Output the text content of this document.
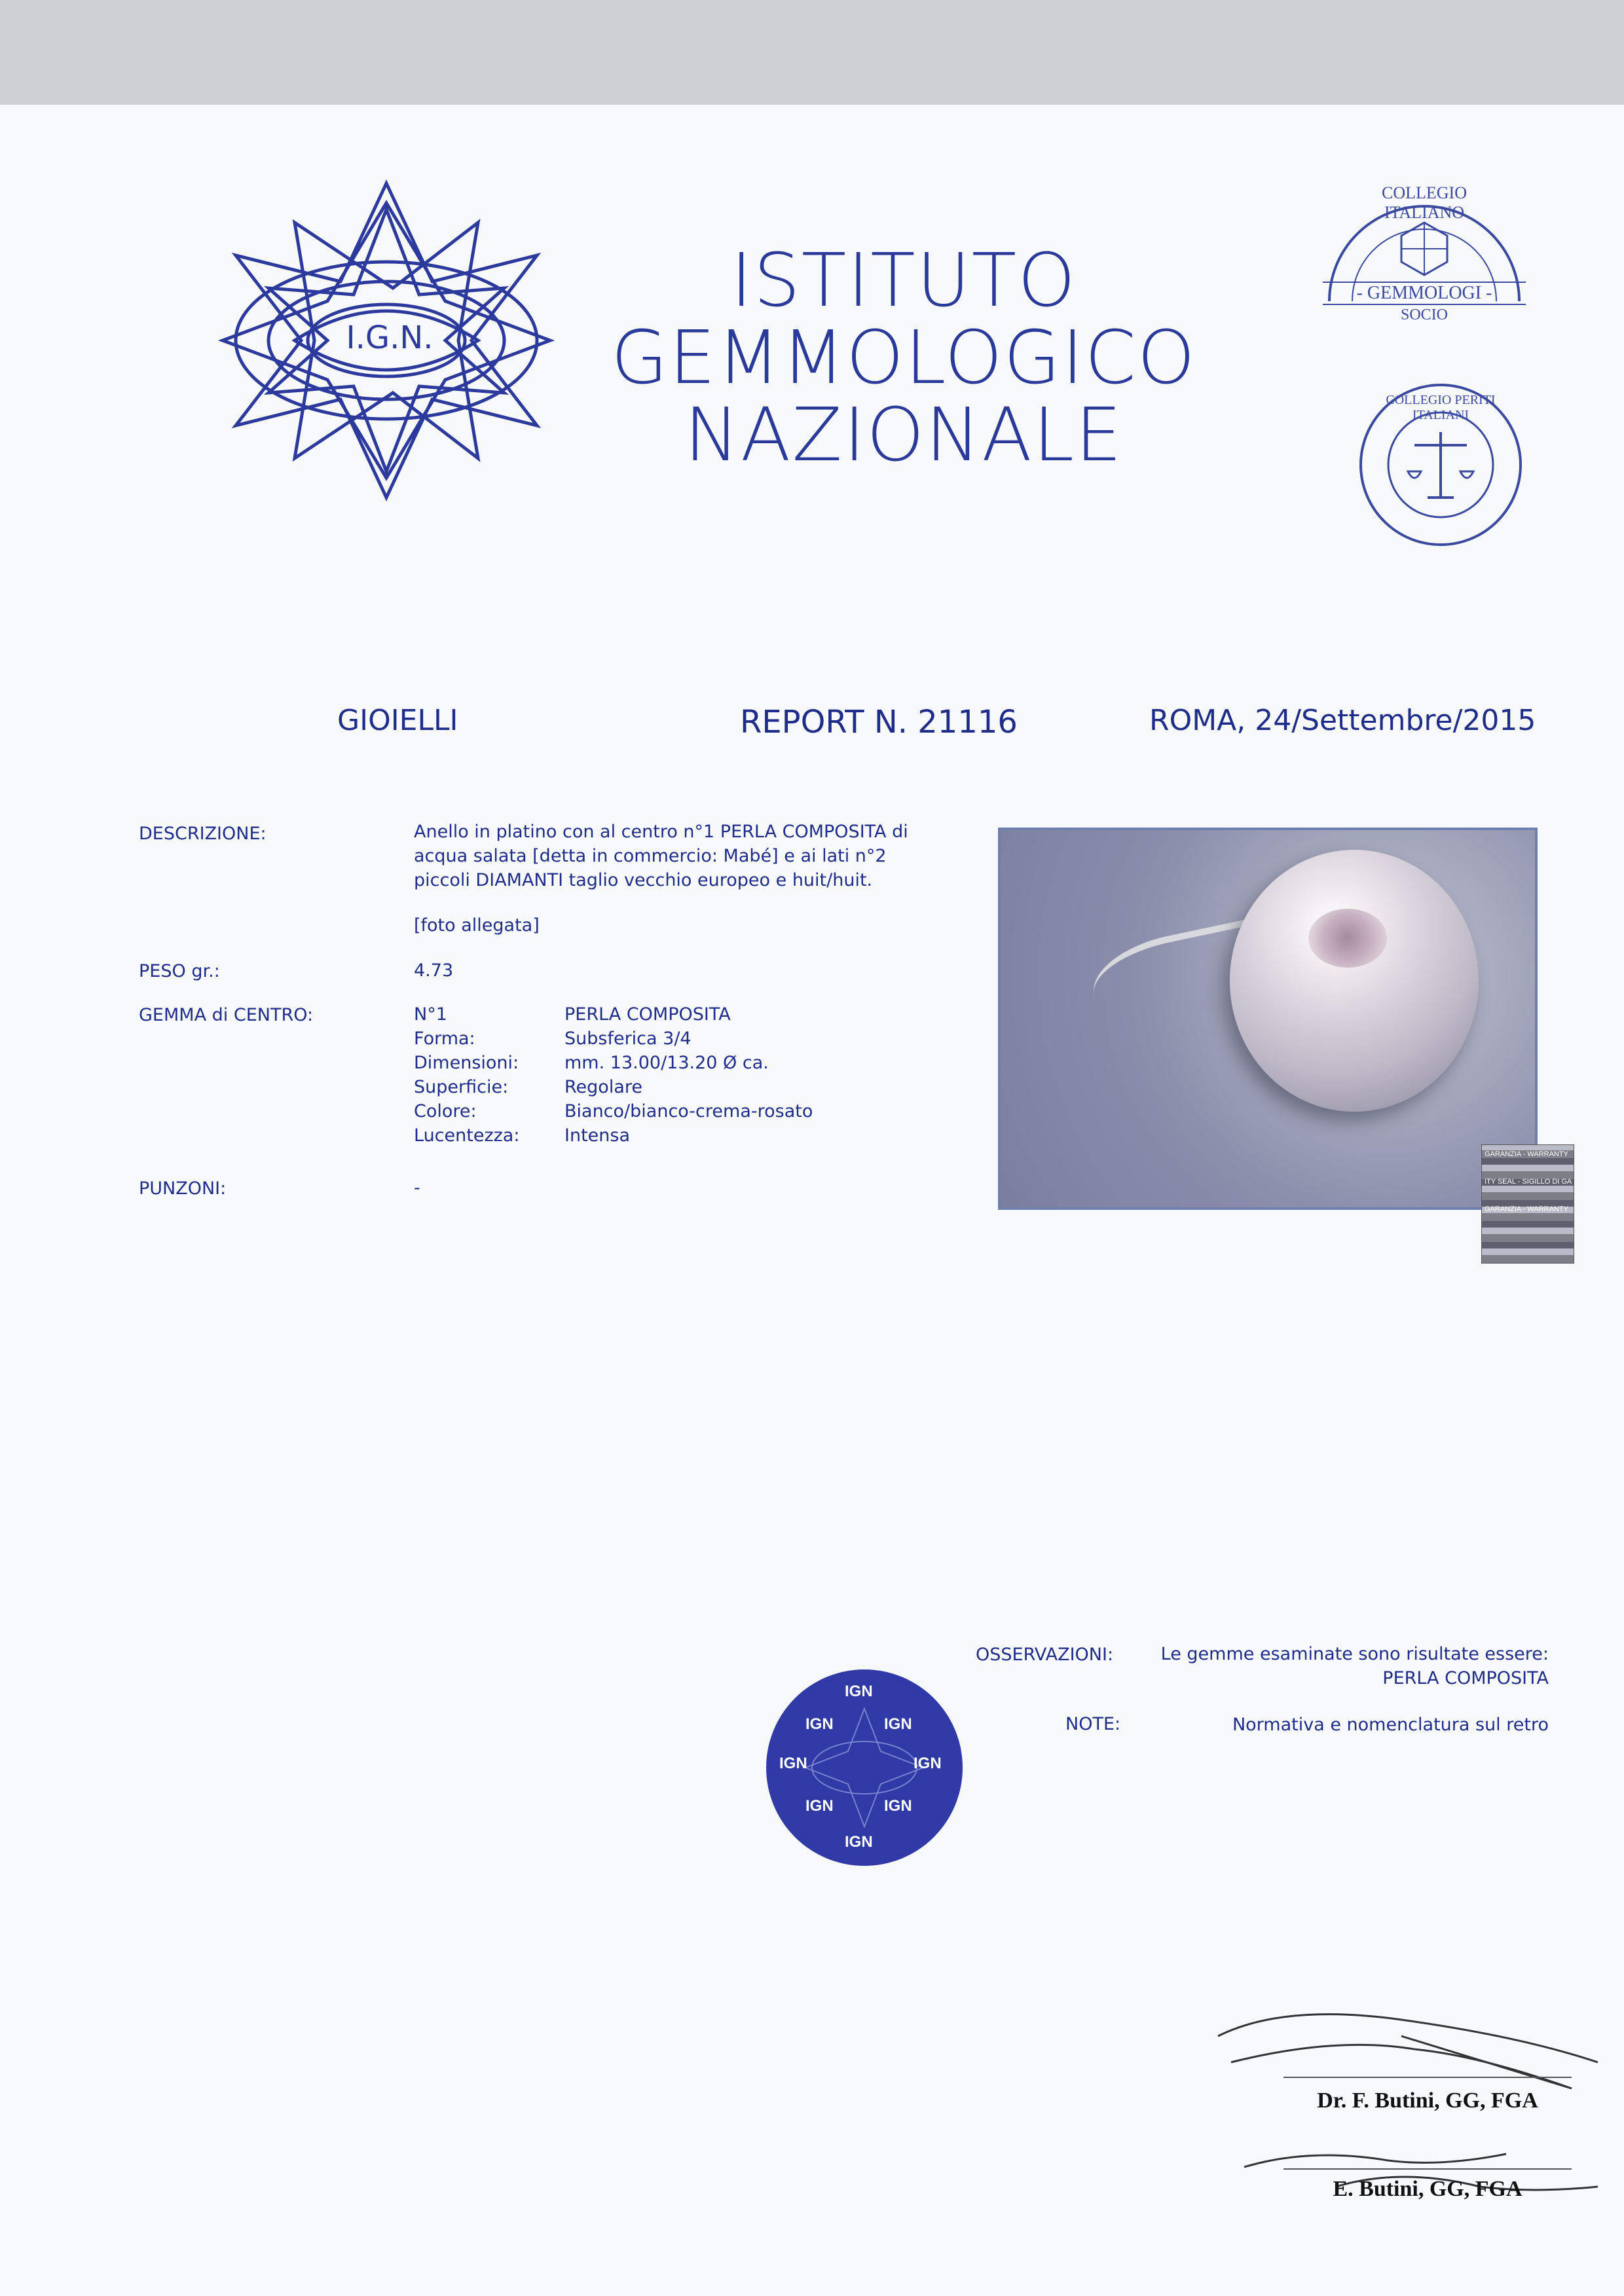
I.G.N.
ISTITUTO
GEMMOLOGICO
NAZIONALE
COLLEGIO ITALIANO
- GEMMOLOGI -
SOCIO
COLLEGIO PERITI ITALIANI
GIOIELLI	REPORT N. 21116	ROMA, 24/Settembre/2015
DESCRIZIONE:	Anello in platino con al centro n°1 PERLA COMPOSITA di
acqua salata [detta in commercio: Mabé] e ai lati n°2
piccoli DIAMANTI taglio vecchio europeo e huit/huit.
[foto allegata]
PESO gr.:	4.73
GEMMA di CENTRO:	N°1	PERLA COMPOSITA
Forma:	Subsferica 3/4
Dimensioni:	mm. 13.00/13.20 Ø ca.
Superficie:	Regolare
Colore:	Bianco/bianco-crema-rosato
Lucentezza:	Intensa
PUNZONI:	-
GARANZIA - WARRANTY
ITY SEAL - SIGILLO DI GA
GARANZIA - WARRANTY
OSSERVAZIONI:	Le gemme esaminate sono risultate essere:
PERLA COMPOSITA
NOTE:	Normativa e nomenclatura sul retro
IGN
IGN	IGN
IGN	IGN
IGN	IGN
IGN
Dr. F. Butini, GG, FGA
E. Butini, GG, FGA
